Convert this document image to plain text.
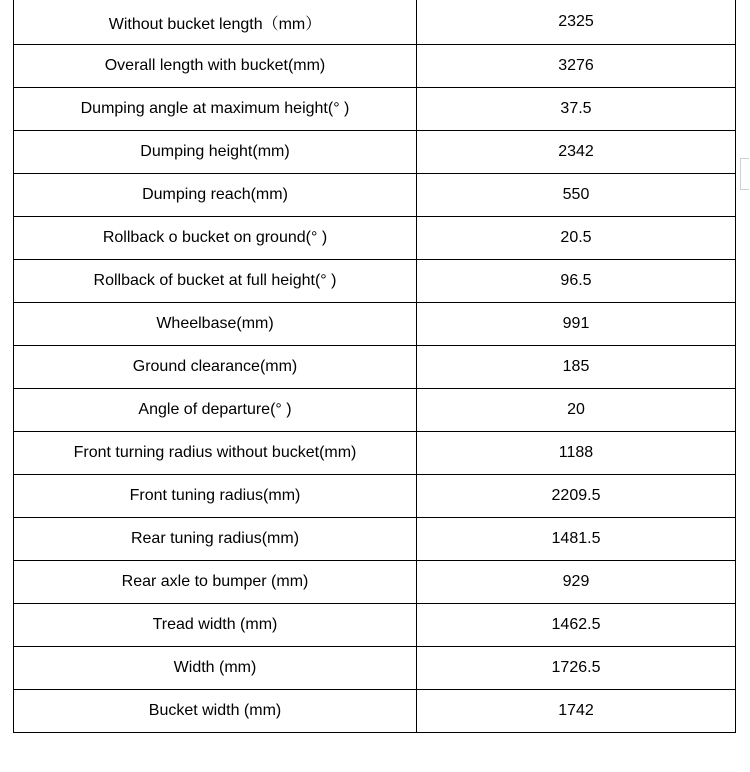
Without bucket length（mm）	2325
Overall length with bucket(mm)	3276
Dumping angle at maximum height(° )	37.5
Dumping height(mm)	2342
Dumping reach(mm)	550
Rollback o bucket on ground(° )	20.5
Rollback of bucket at full height(° )	96.5
Wheelbase(mm)	991
Ground clearance(mm)	185
Angle of departure(° )	20
Front turning radius without bucket(mm)	1188
Front tuning radius(mm)	2209.5
Rear tuning radius(mm)	1481.5
Rear axle to bumper (mm)	929
Tread width (mm)	1462.5
Width (mm)	1726.5
Bucket width (mm)	1742
